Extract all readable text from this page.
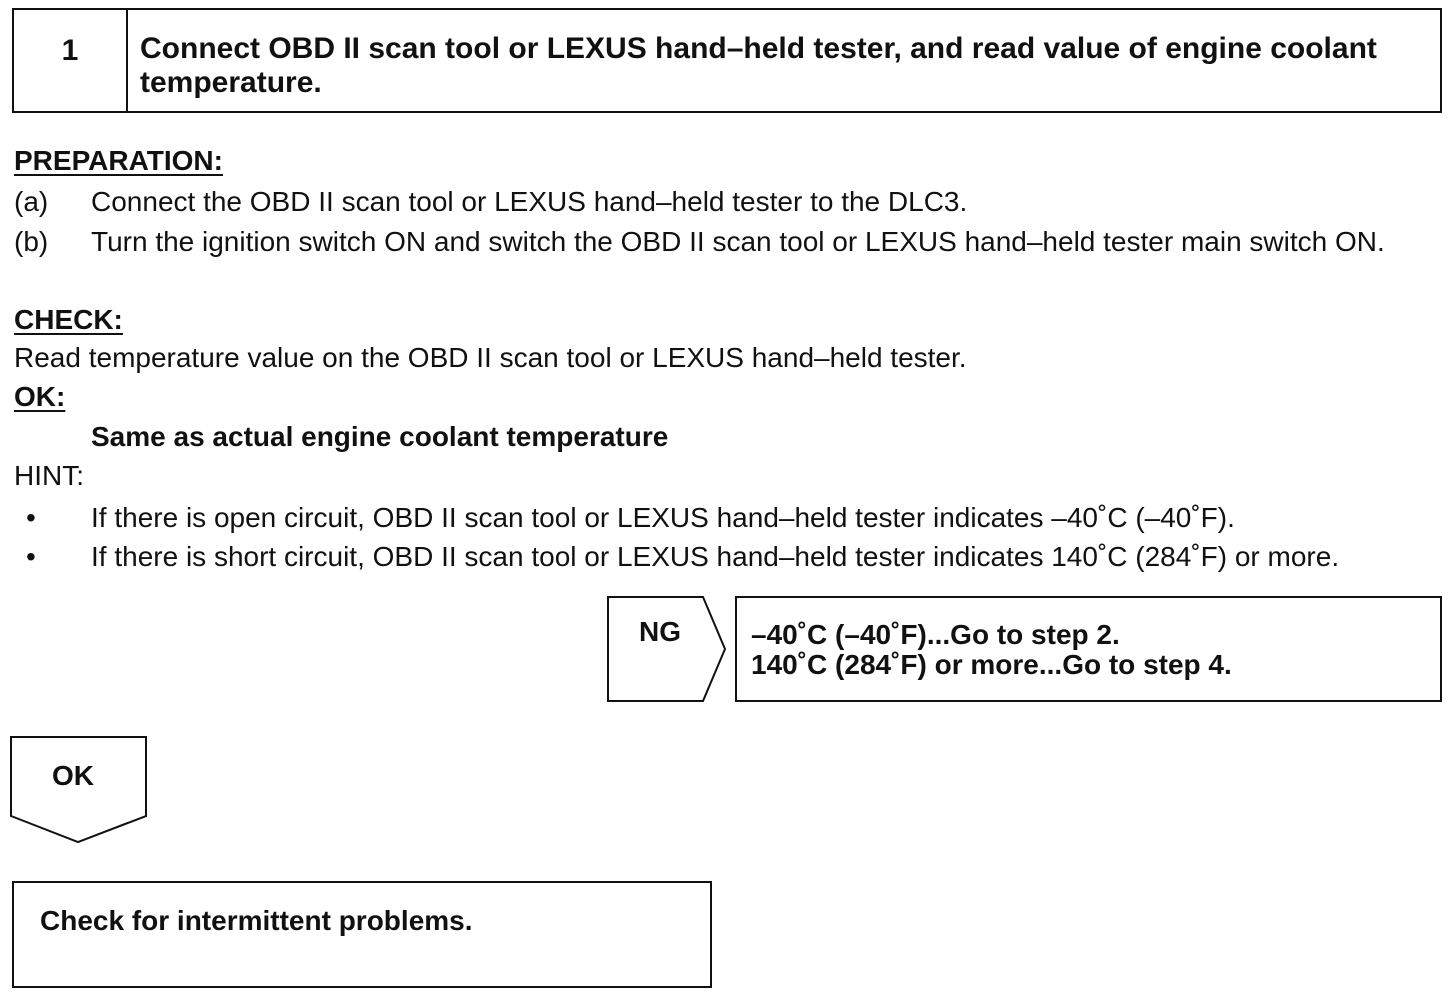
1	Connect OBD II scan tool or LEXUS hand–held tester, and read value of engine coolant temperature.
PREPARATION:
(a) Connect the OBD II scan tool or LEXUS hand–held tester to the DLC3.
(b) Turn the ignition switch ON and switch the OBD II scan tool or LEXUS hand–held tester main switch ON.
CHECK:
Read temperature value on the OBD II scan tool or LEXUS hand–held tester.
OK:
Same as actual engine coolant temperature
HINT:
• If there is open circuit, OBD II scan tool or LEXUS hand–held tester indicates –40˚C (–40˚F).
• If there is short circuit, OBD II scan tool or LEXUS hand–held tester indicates 140˚C (284˚F) or more.
NG	–40˚C (–40˚F)...Go to step 2.
140˚C (284˚F) or more...Go to step 4.
OK
Check for intermittent problems.
